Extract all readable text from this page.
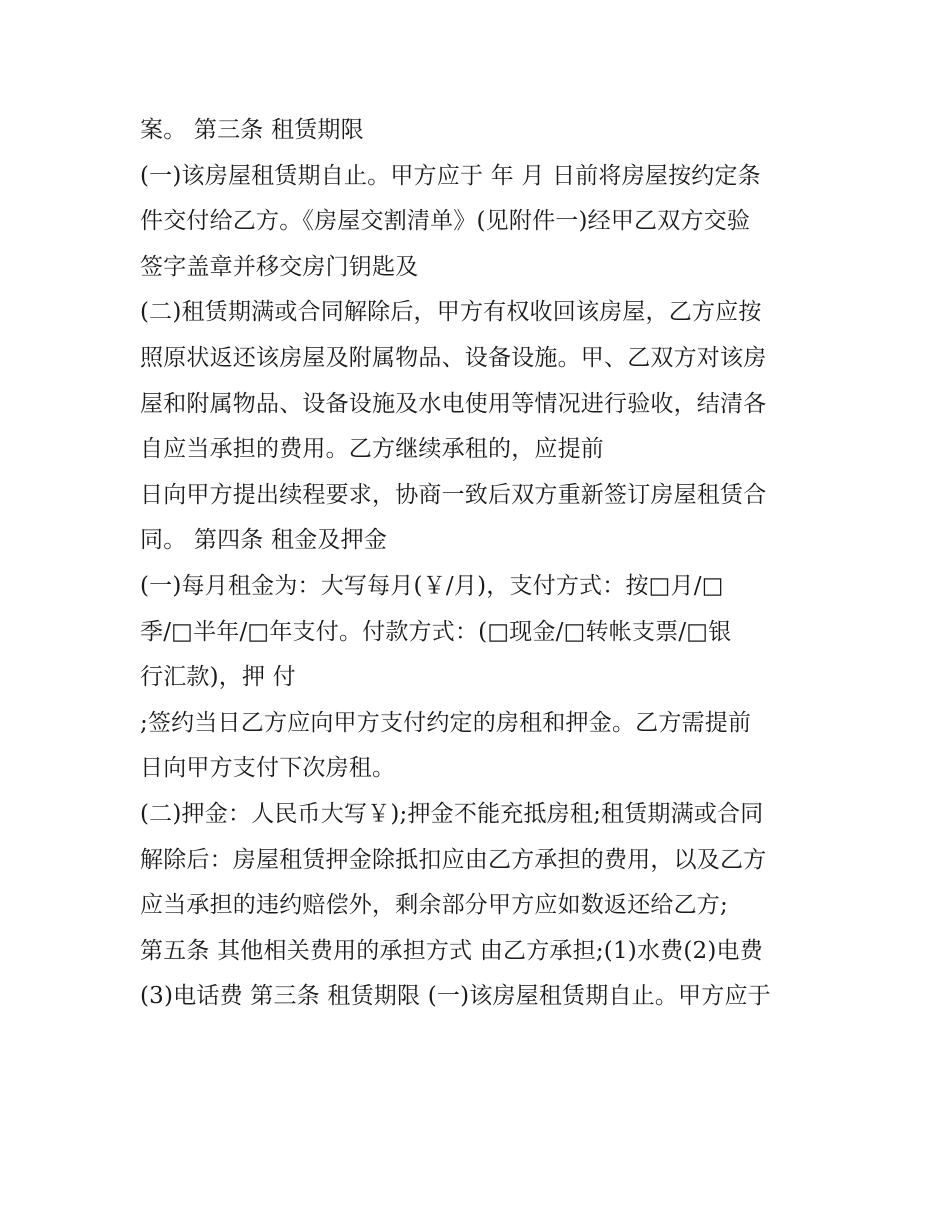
案。 第三条 租赁期限
(一)该房屋租赁期自止。甲方应于 年 月 日前将房屋按约定条
件交付给乙方。《房屋交割清单》(见附件一)经甲乙双方交验
签字盖章并移交房门钥匙及
(二)租赁期满或合同解除后，甲方有权收回该房屋，乙方应按
照原状返还该房屋及附属物品、设备设施。甲、乙双方对该房
屋和附属物品、设备设施及水电使用等情况进行验收，结清各
自应当承担的费用。乙方继续承租的，应提前
日向甲方提出续程要求，协商一致后双方重新签订房屋租赁合
同。 第四条 租金及押金
(一)每月租金为：大写每月(￥/月)，支付方式：按□月/□
季/□半年/□年支付。付款方式：(□现金/□转帐支票/□银
行汇款)，押 付
;签约当日乙方应向甲方支付约定的房租和押金。乙方需提前
日向甲方支付下次房租。
(二)押金：人民币大写￥);押金不能充抵房租;租赁期满或合同
解除后：房屋租赁押金除抵扣应由乙方承担的费用，以及乙方
应当承担的违约赔偿外，剩余部分甲方应如数返还给乙方;
第五条 其他相关费用的承担方式 由乙方承担;(1)水费(2)电费
(3)电话费 第三条 租赁期限 (一)该房屋租赁期自止。甲方应于
